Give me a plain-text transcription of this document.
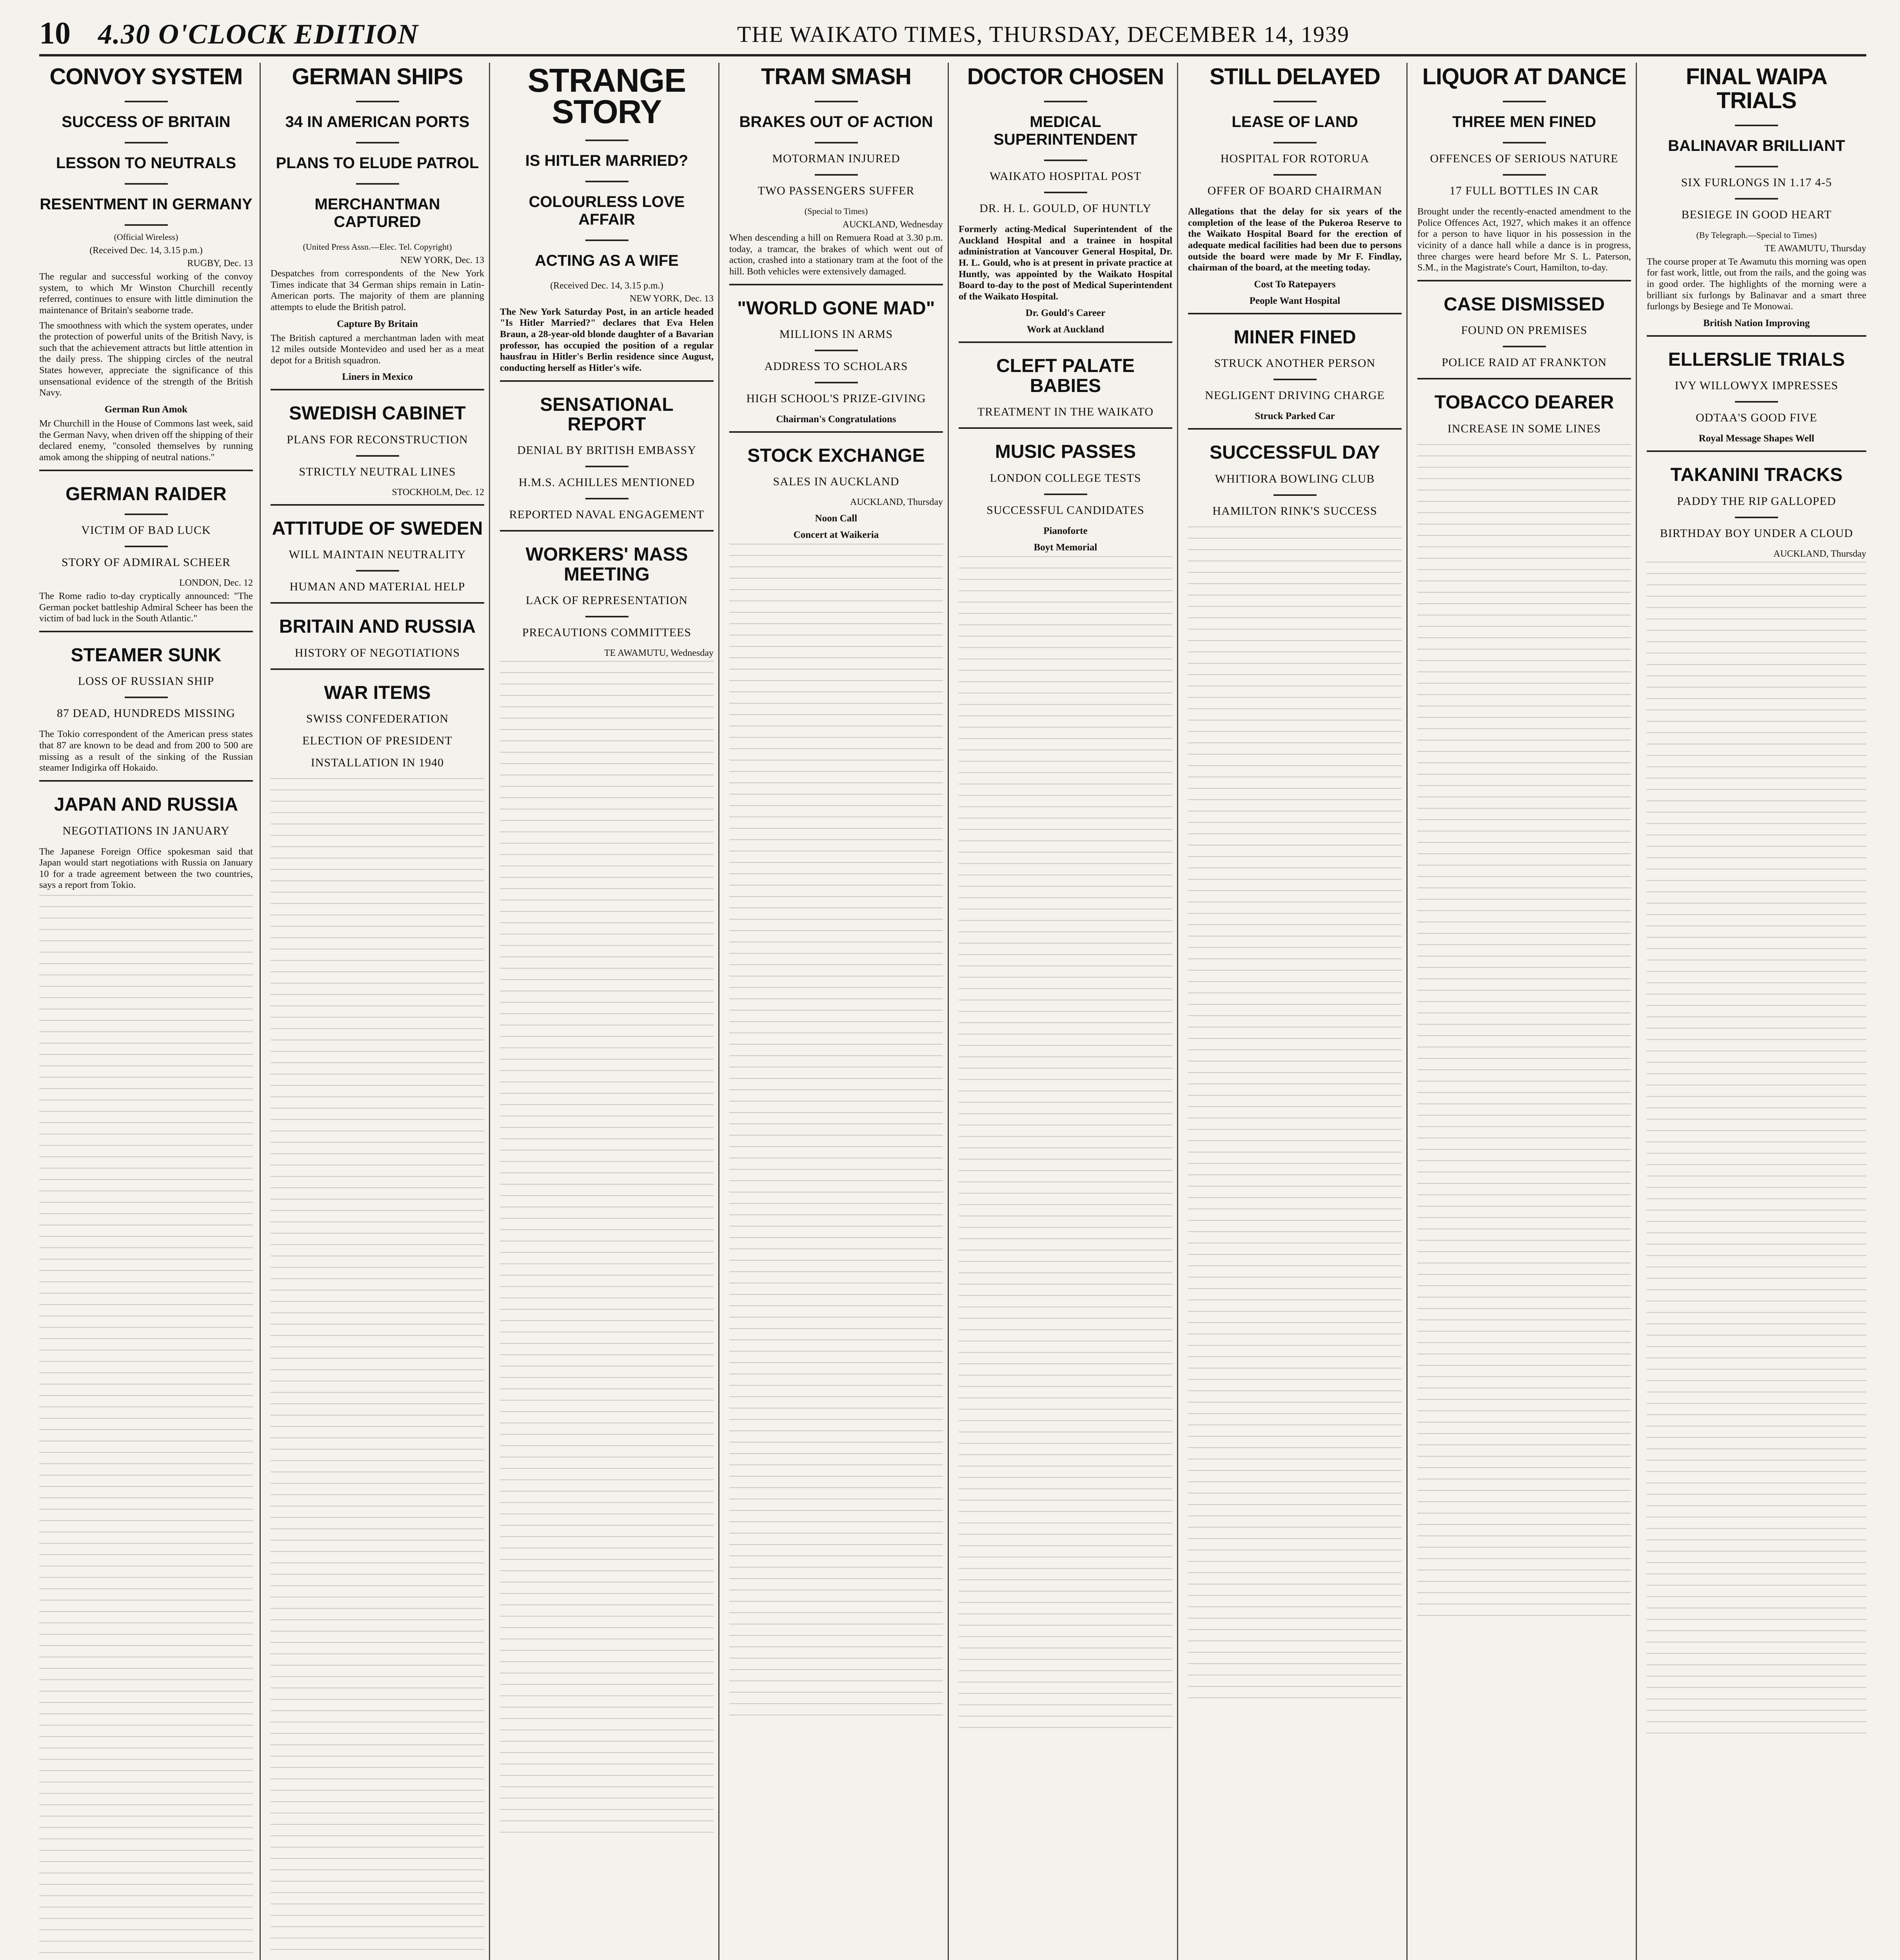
10 4.30 O'CLOCK EDITION	THE WAIKATO TIMES, THURSDAY, DECEMBER 14, 1939
CONVOY SYSTEM
SUCCESS OF BRITAIN
LESSON TO NEUTRALS
RESENTMENT IN GERMANY
(Official Wireless)
(Received Dec. 14, 3.15 p.m.)
RUGBY, Dec. 13

The regular and successful working of the convoy system, to which Mr Winston Churchill recently referred, continues to ensure with little diminution the maintenance of Britain's seaborne trade.

The smoothness with which the system operates, under the protection of powerful units of the British Navy, is such that the achievement attracts but little attention in the daily press. The shipping circles of the neutral States however, appreciate the significance of this unsensational evidence of the strength of the British Navy.

German Run Amok

Mr Churchill in the House of Commons last week, said the German Navy, when driven off the shipping of their declared enemy, "consoled themselves by running amok among the shipping of neutral nations."

GERMAN RAIDER
VICTIM OF BAD LUCK
STORY OF ADMIRAL SCHEER
LONDON, Dec. 12

The Rome radio to-day cryptically announced: "The German pocket battleship Admiral Scheer has been the victim of bad luck in the South Atlantic."

STEAMER SUNK
LOSS OF RUSSIAN SHIP
87 DEAD, HUNDREDS MISSING

The Tokio correspondent of the American press states that 87 are known to be dead and from 200 to 500 are missing as a result of the sinking of the Russian steamer Indigirka off Hokaido.

JAPAN AND RUSSIA
NEGOTIATIONS IN JANUARY

The Japanese Foreign Office spokesman said that Japan would start negotiations with Russia on January 10 for a trade agreement between the two countries, says a report from Tokio.

GERMAN SHIPS
34 IN AMERICAN PORTS
PLANS TO ELUDE PATROL
MERCHANTMAN CAPTURED
(United Press Assn.—Elec. Tel. Copyright)
NEW YORK, Dec. 13

Despatches from correspondents of the New York Times indicate that 34 German ships remain in Latin-American ports. The majority of them are planning attempts to elude the British patrol.

Capture By Britain

The British captured a merchantman laden with meat 12 miles outside Montevideo and used her as a meat depot for a British squadron.

Liners in Mexico
SWEDISH CABINET
PLANS FOR RECONSTRUCTION
STRICTLY NEUTRAL LINES
STOCKHOLM, Dec. 12
ATTITUDE OF SWEDEN
WILL MAINTAIN NEUTRALITY
HUMAN AND MATERIAL HELP
BRITAIN AND RUSSIA
HISTORY OF NEGOTIATIONS
WAR ITEMS
SWISS CONFEDERATION
ELECTION OF PRESIDENT
INSTALLATION IN 1940
STRANGE STORY
IS HITLER MARRIED?
COLOURLESS LOVE AFFAIR
ACTING AS A WIFE
(Received Dec. 14, 3.15 p.m.)
NEW YORK, Dec. 13

The New York Saturday Post, in an article headed "Is Hitler Married?" declares that Eva Helen Braun, a 28-year-old blonde daughter of a Bavarian professor, has occupied the position of a regular hausfrau in Hitler's Berlin residence since August, conducting herself as Hitler's wife.

SENSATIONAL REPORT
DENIAL BY BRITISH EMBASSY
H.M.S. ACHILLES MENTIONED
REPORTED NAVAL ENGAGEMENT
WORKERS' MASS MEETING
LACK OF REPRESENTATION
PRECAUTIONS COMMITTEES
TE AWAMUTU, Wednesday
TRAM SMASH
BRAKES OUT OF ACTION
MOTORMAN INJURED
TWO PASSENGERS SUFFER
(Special to Times)
AUCKLAND, Wednesday

When descending a hill on Remuera Road at 3.30 p.m. today, a tramcar, the brakes of which went out of action, crashed into a stationary tram at the foot of the hill. Both vehicles were extensively damaged.

"WORLD GONE MAD"
MILLIONS IN ARMS
ADDRESS TO SCHOLARS
HIGH SCHOOL'S PRIZE-GIVING
Chairman's Congratulations
STOCK EXCHANGE
SALES IN AUCKLAND
AUCKLAND, Thursday
Noon Call
Concert at Waikeria
DOCTOR CHOSEN
MEDICAL SUPERINTENDENT
WAIKATO HOSPITAL POST
DR. H. L. GOULD, OF HUNTLY

Formerly acting-Medical Superintendent of the Auckland Hospital and a trainee in hospital administration at Vancouver General Hospital, Dr. H. L. Gould, who is at present in private practice at Huntly, was appointed by the Waikato Hospital Board to-day to the post of Medical Superintendent of the Waikato Hospital.

Dr. Gould's Career
Work at Auckland
CLEFT PALATE BABIES
TREATMENT IN THE WAIKATO
MUSIC PASSES
LONDON COLLEGE TESTS
SUCCESSFUL CANDIDATES
Pianoforte
Boyt Memorial
STILL DELAYED
LEASE OF LAND
HOSPITAL FOR ROTORUA
OFFER OF BOARD CHAIRMAN

Allegations that the delay for six years of the completion of the lease of the Pukeroa Reserve to the Waikato Hospital Board for the erection of adequate medical facilities had been due to persons outside the board were made by Mr F. Findlay, chairman of the board, at the meeting today.

Cost To Ratepayers
People Want Hospital
MINER FINED
STRUCK ANOTHER PERSON
NEGLIGENT DRIVING CHARGE
Struck Parked Car
SUCCESSFUL DAY
WHITIORA BOWLING CLUB
HAMILTON RINK'S SUCCESS
LIQUOR AT DANCE
THREE MEN FINED
OFFENCES OF SERIOUS NATURE
17 FULL BOTTLES IN CAR

Brought under the recently-enacted amendment to the Police Offences Act, 1927, which makes it an offence for a person to have liquor in his possession in the vicinity of a dance hall while a dance is in progress, three charges were heard before Mr S. L. Paterson, S.M., in the Magistrate's Court, Hamilton, to-day.

CASE DISMISSED
FOUND ON PREMISES
POLICE RAID AT FRANKTON
TOBACCO DEARER
INCREASE IN SOME LINES
FINAL WAIPA TRIALS
BALINAVAR BRILLIANT
SIX FURLONGS IN 1.17 4-5
BESIEGE IN GOOD HEART
(By Telegraph.—Special to Times)
TE AWAMUTU, Thursday

The course proper at Te Awamutu this morning was open for fast work, little, out from the rails, and the going was in good order. The highlights of the morning were a brilliant six furlongs by Balinavar and a smart three furlongs by Besiege and Te Monowai.

British Nation Improving
ELLERSLIE TRIALS
IVY WILLOWYX IMPRESSES
ODTAA'S GOOD FIVE
Royal Message Shapes Well
TAKANINI TRACKS
PADDY THE RIP GALLOPED
BIRTHDAY BOY UNDER A CLOUD
AUCKLAND, Thursday
